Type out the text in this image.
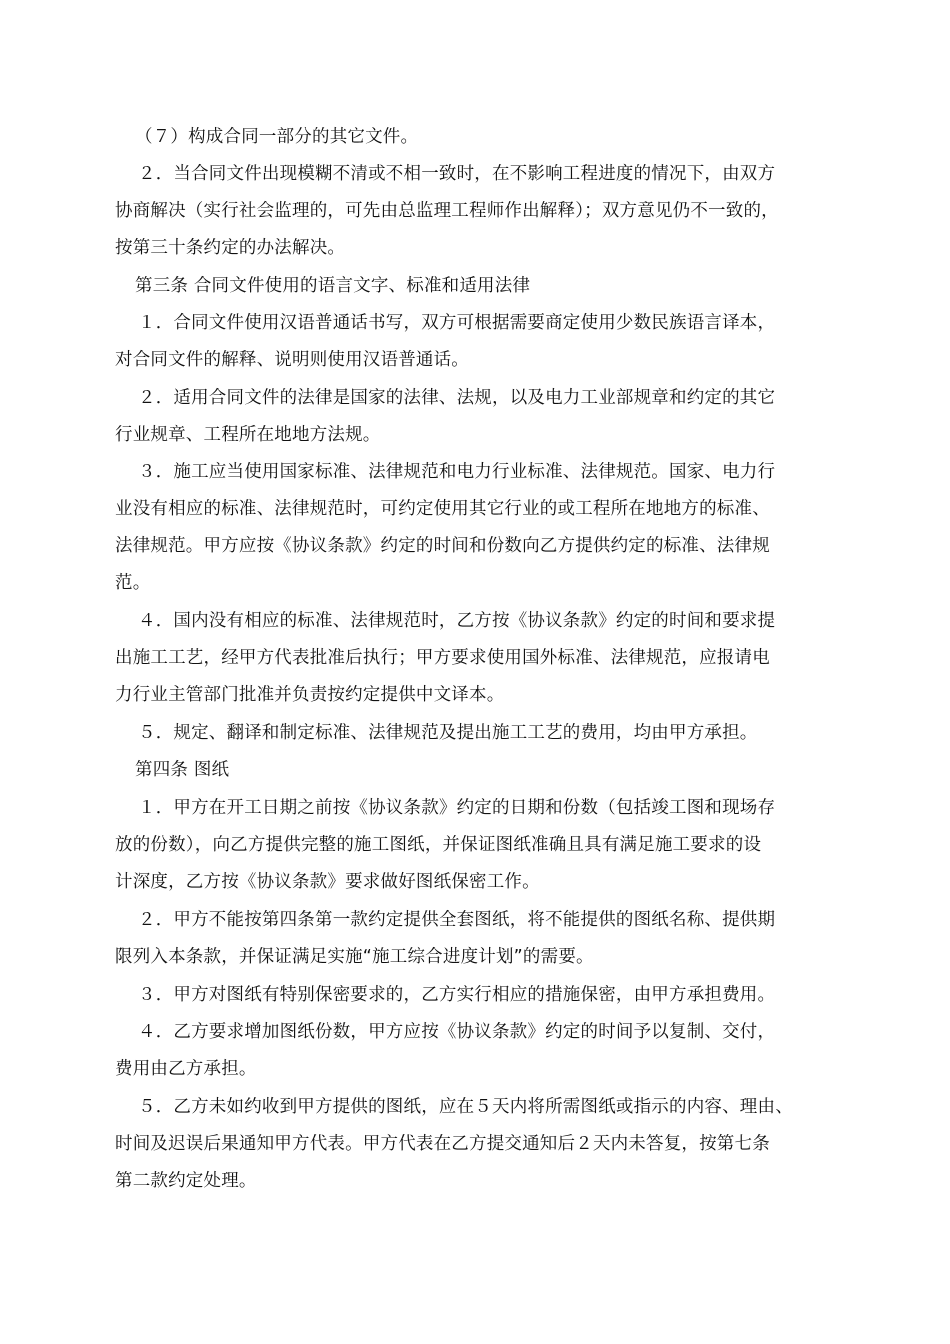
（７）构成合同一部分的其它文件。
２．当合同文件出现模糊不清或不相一致时，在不影响工程进度的情况下，由双方
协商解决（实行社会监理的，可先由总监理工程师作出解释）；双方意见仍不一致的，
按第三十条约定的办法解决。
第三条 合同文件使用的语言文字、标准和适用法律
１．合同文件使用汉语普通话书写，双方可根据需要商定使用少数民族语言译本，
对合同文件的解释、说明则使用汉语普通话。
２．适用合同文件的法律是国家的法律、法规，以及电力工业部规章和约定的其它
行业规章、工程所在地地方法规。
３．施工应当使用国家标准、法律规范和电力行业标准、法律规范。国家、电力行
业没有相应的标准、法律规范时，可约定使用其它行业的或工程所在地地方的标准、
法律规范。甲方应按《协议条款》约定的时间和份数向乙方提供约定的标准、法律规
范。
４．国内没有相应的标准、法律规范时，乙方按《协议条款》约定的时间和要求提
出施工工艺，经甲方代表批准后执行；甲方要求使用国外标准、法律规范，应报请电
力行业主管部门批准并负责按约定提供中文译本。
５．规定、翻译和制定标准、法律规范及提出施工工艺的费用，均由甲方承担。
第四条 图纸
１．甲方在开工日期之前按《协议条款》约定的日期和份数（包括竣工图和现场存
放的份数），向乙方提供完整的施工图纸，并保证图纸准确且具有满足施工要求的设
计深度，乙方按《协议条款》要求做好图纸保密工作。
２．甲方不能按第四条第一款约定提供全套图纸，将不能提供的图纸名称、提供期
限列入本条款，并保证满足实施“施工综合进度计划”的需要。
３．甲方对图纸有特别保密要求的，乙方实行相应的措施保密，由甲方承担费用。
４．乙方要求增加图纸份数，甲方应按《协议条款》约定的时间予以复制、交付，
费用由乙方承担。
５．乙方未如约收到甲方提供的图纸，应在５天内将所需图纸或指示的内容、理由、
时间及迟误后果通知甲方代表。甲方代表在乙方提交通知后２天内未答复，按第七条
第二款约定处理。
